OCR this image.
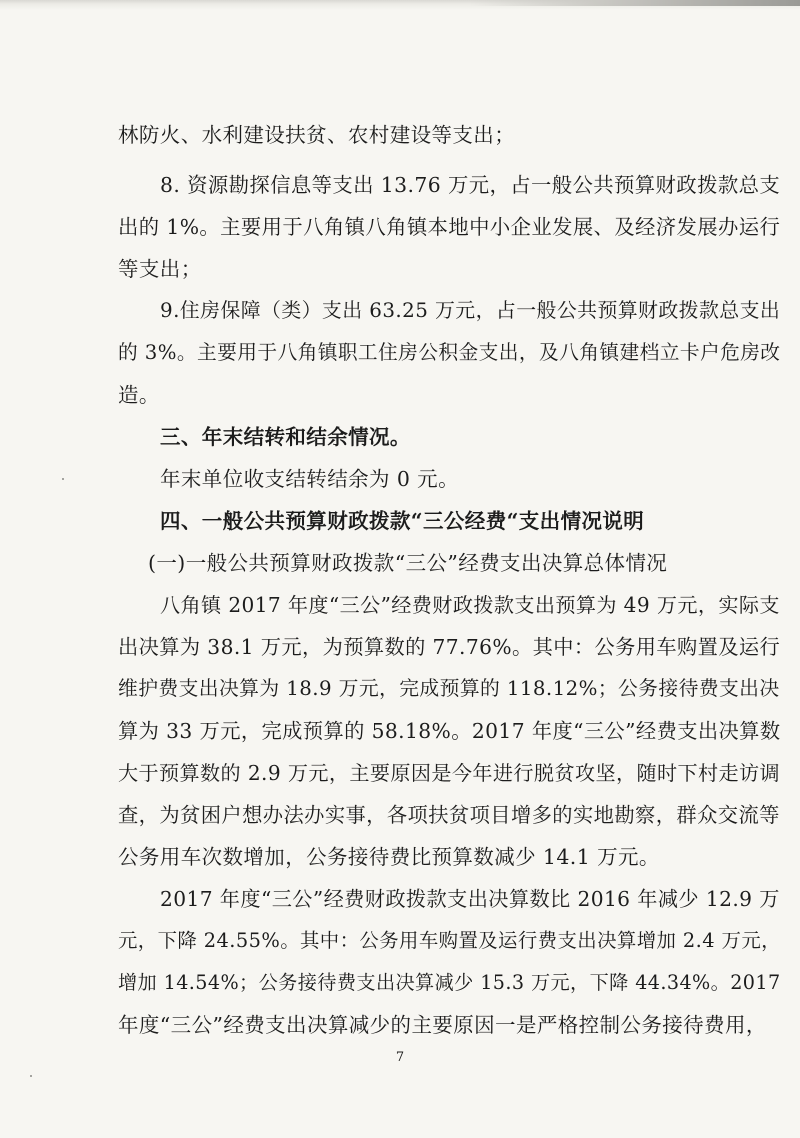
林防火、水利建设扶贫、农村建设等支出；
8. 资源勘探信息等支出 13.76 万元，占一般公共预算财政拨款总支
出的 1%。主要用于八角镇八角镇本地中小企业发展、及经济发展办运行
等支出；
9.住房保障（类）支出 63.25 万元，占一般公共预算财政拨款总支出
的 3%。主要用于八角镇职工住房公积金支出，及八角镇建档立卡户危房改
造。
三、年末结转和结余情况。
年末单位收支结转结余为 0 元。
四、一般公共预算财政拨款“三公经费“支出情况说明
(一)一般公共预算财政拨款“三公”经费支出决算总体情况
八角镇 2017 年度“三公”经费财政拨款支出预算为 49 万元，实际支
出决算为 38.1 万元，为预算数的 77.76%。其中：公务用车购置及运行
维护费支出决算为 18.9 万元，完成预算的 118.12%；公务接待费支出决
算为 33 万元，完成预算的 58.18%。2017 年度“三公”经费支出决算数
大于预算数的 2.9 万元，主要原因是今年进行脱贫攻坚，随时下村走访调
查，为贫困户想办法办实事，各项扶贫项目增多的实地勘察，群众交流等
公务用车次数增加，公务接待费比预算数减少 14.1 万元。
2017 年度“三公”经费财政拨款支出决算数比 2016 年减少 12.9 万
元，下降 24.55%。其中：公务用车购置及运行费支出决算增加 2.4 万元，
增加 14.54%；公务接待费支出决算减少 15.3 万元，下降 44.34%。2017
年度“三公”经费支出决算减少的主要原因一是严格控制公务接待费用，
7
